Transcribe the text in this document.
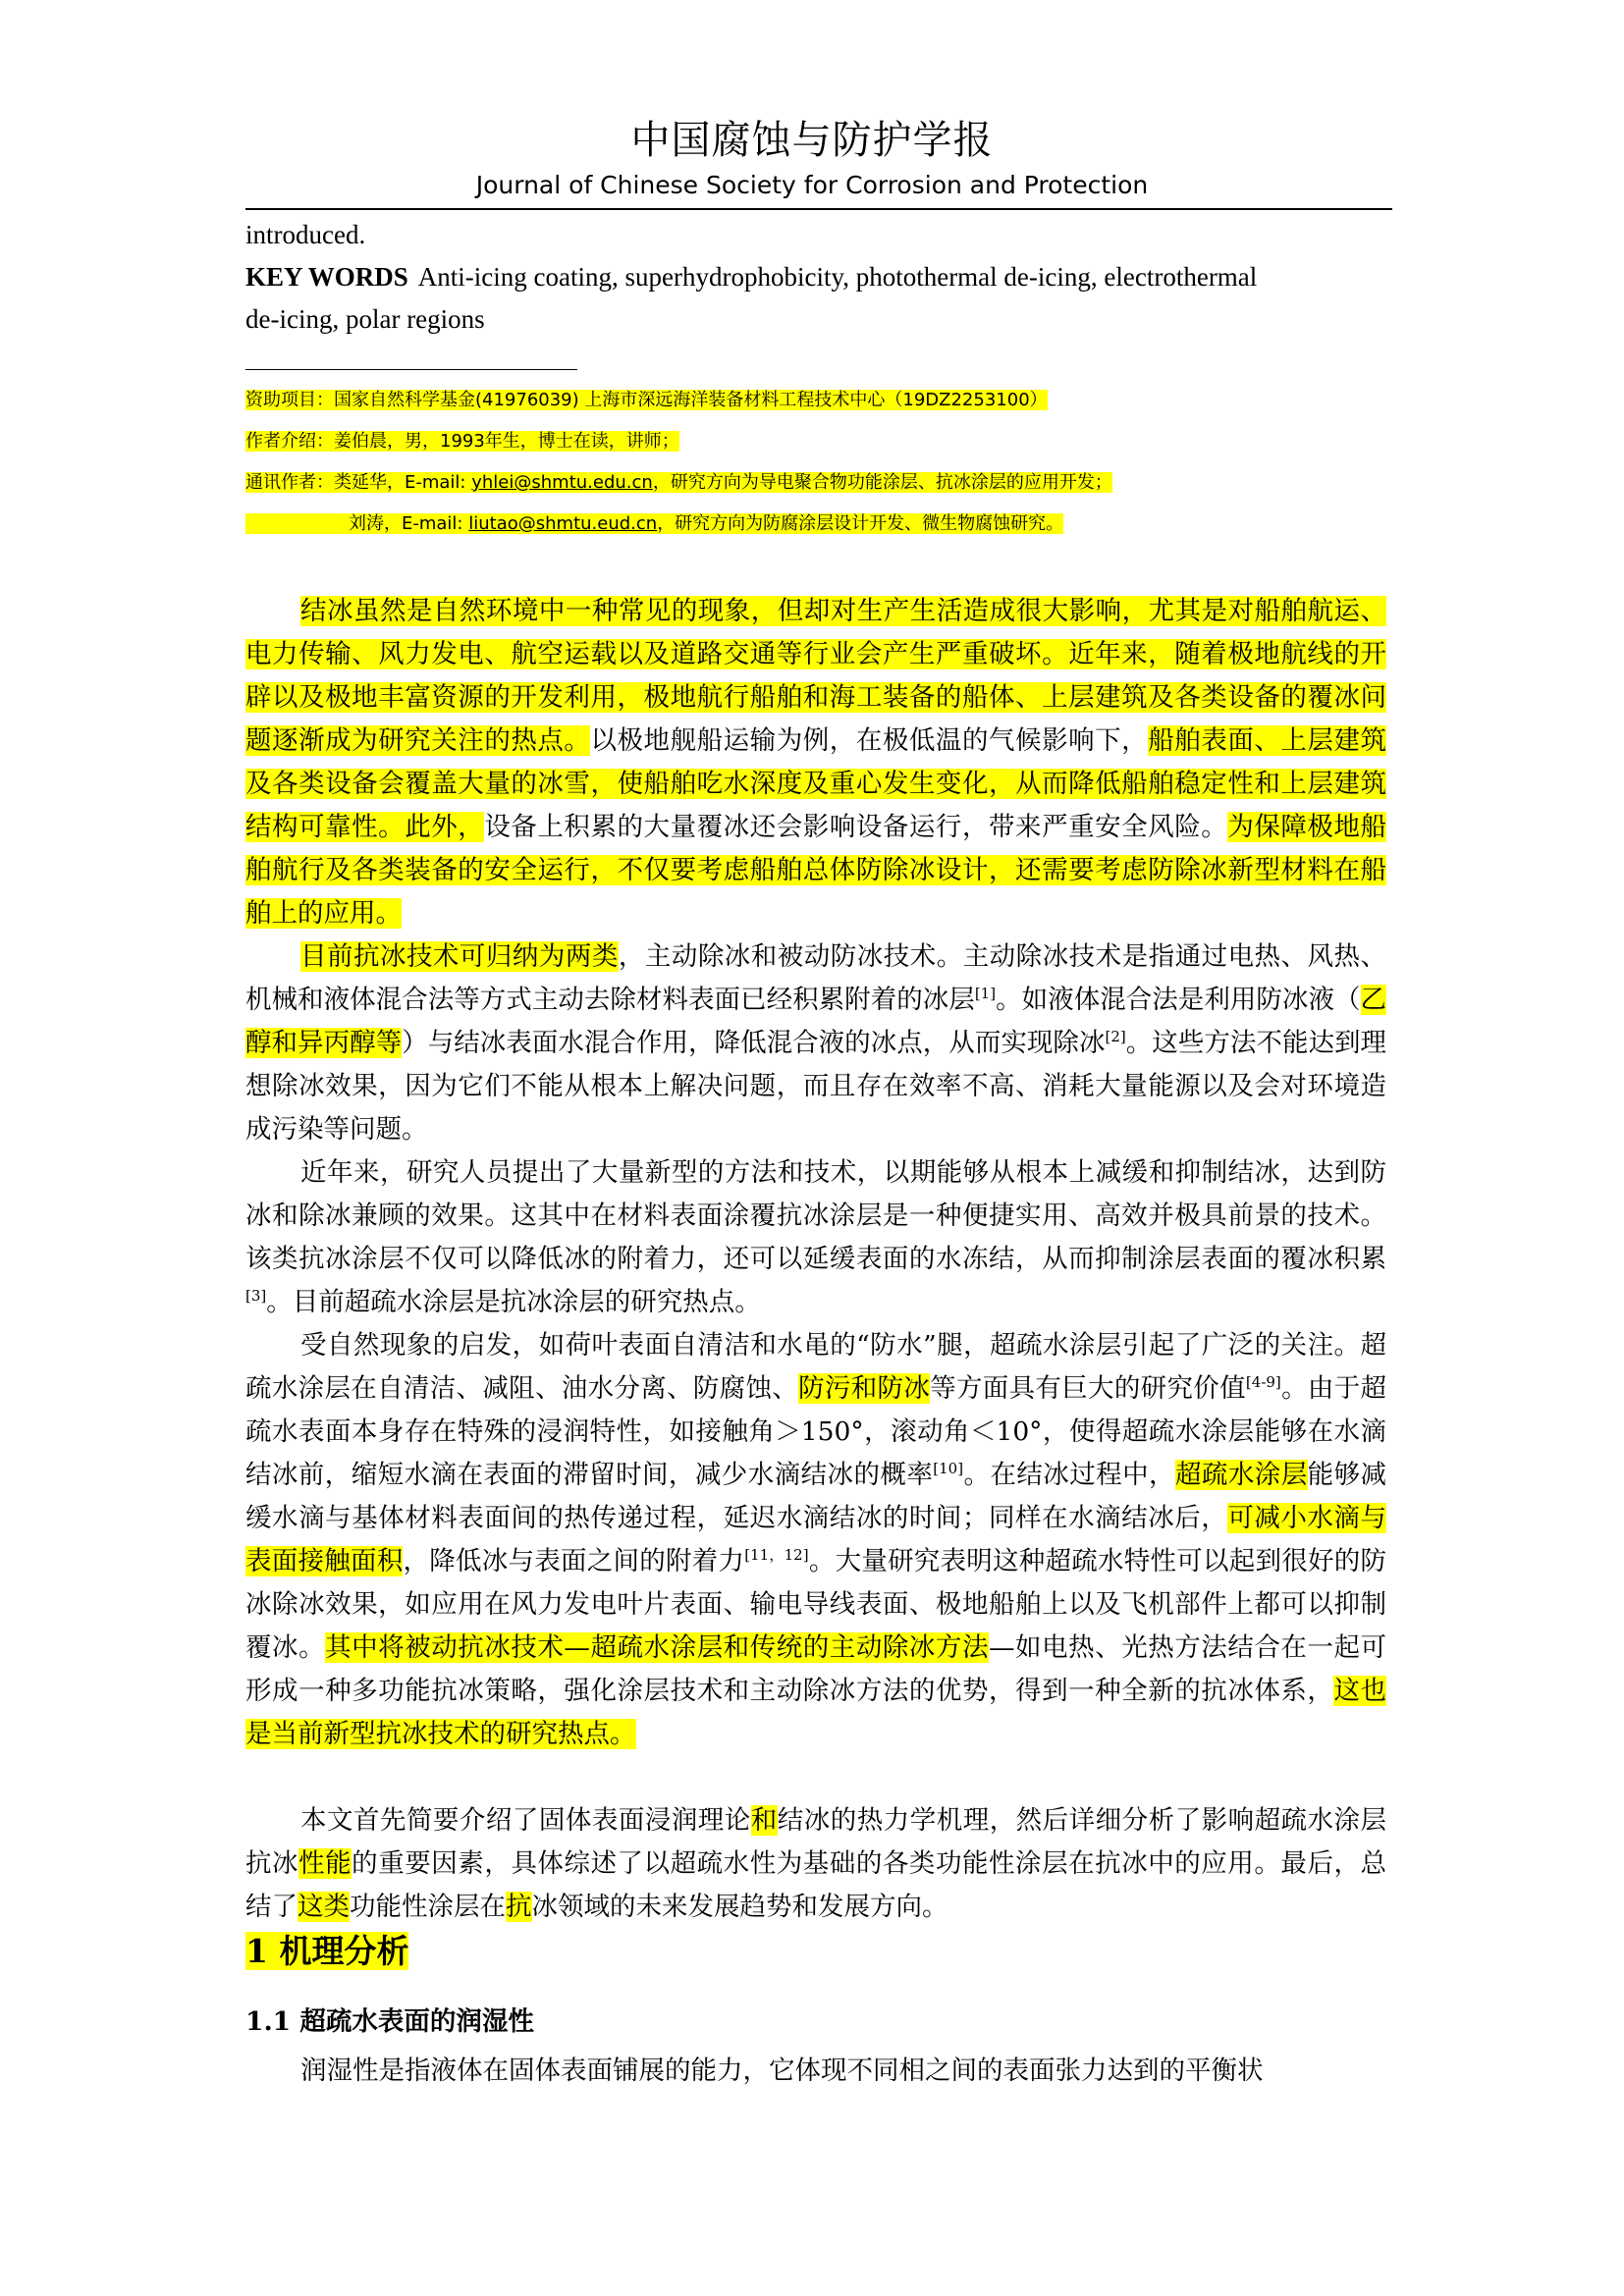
中国腐蚀与防护学报
Journal of Chinese Society for Corrosion and Protection
introduced.
KEY WORDS Anti-icing coating, superhydrophobicity, photothermal de-icing, electrothermal
de-icing, polar regions
资助项目：国家自然科学基金(41976039) 上海市深远海洋装备材料工程技术中心（19DZ2253100）
作者介绍：姜伯晨，男，1993年生，博士在读，讲师；
通讯作者：类延华，E-mail: yhlei@shmtu.edu.cn，研究方向为导电聚合物功能涂层、抗冰涂层的应用开发；
刘涛，E-mail: liutao@shmtu.eud.cn，研究方向为防腐涂层设计开发、微生物腐蚀研究。

结冰虽然是自然环境中一种常见的现象，但却对生产生活造成很大影响，尤其是对船舶航运、电力传输、风力发电、航空运载以及道路交通等行业会产生严重破坏。近年来，随着极地航线的开辟以及极地丰富资源的开发利用，极地航行船舶和海工装备的船体、上层建筑及各类设备的覆冰问题逐渐成为研究关注的热点。以极地舰船运输为例，在极低温的气候影响下，船舶表面、上层建筑及各类设备会覆盖大量的冰雪，使船舶吃水深度及重心发生变化，从而降低船舶稳定性和上层建筑结构可靠性。此外，设备上积累的大量覆冰还会影响设备运行，带来严重安全风险。为保障极地船舶航行及各类装备的安全运行，不仅要考虑船舶总体防除冰设计，还需要考虑防除冰新型材料在船舶上的应用。

目前抗冰技术可归纳为两类，主动除冰和被动防冰技术。主动除冰技术是指通过电热、风热、机械和液体混合法等方式主动去除材料表面已经积累附着的冰层[1]。如液体混合法是利用防冰液（乙醇和异丙醇等）与结冰表面水混合作用，降低混合液的冰点，从而实现除冰[2]。这些方法不能达到理想除冰效果，因为它们不能从根本上解决问题，而且存在效率不高、消耗大量能源以及会对环境造成污染等问题。

近年来，研究人员提出了大量新型的方法和技术，以期能够从根本上减缓和抑制结冰，达到防冰和除冰兼顾的效果。这其中在材料表面涂覆抗冰涂层是一种便捷实用、高效并极具前景的技术。该类抗冰涂层不仅可以降低冰的附着力，还可以延缓表面的水冻结，从而抑制涂层表面的覆冰积累[3]。目前超疏水涂层是抗冰涂层的研究热点。

受自然现象的启发，如荷叶表面自清洁和水黾的“防水”腿，超疏水涂层引起了广泛的关注。超疏水涂层在自清洁、减阻、油水分离、防腐蚀、防污和防冰等方面具有巨大的研究价值[4-9]。由于超疏水表面本身存在特殊的浸润特性，如接触角＞150°，滚动角＜10°，使得超疏水涂层能够在水滴结冰前，缩短水滴在表面的滞留时间，减少水滴结冰的概率[10]。在结冰过程中，超疏水涂层能够减缓水滴与基体材料表面间的热传递过程，延迟水滴结冰的时间；同样在水滴结冰后，可减小水滴与表面接触面积，降低冰与表面之间的附着力[11，12]。大量研究表明这种超疏水特性可以起到很好的防冰除冰效果，如应用在风力发电叶片表面、输电导线表面、极地船舶上以及飞机部件上都可以抑制覆冰。其中将被动抗冰技术—超疏水涂层和传统的主动除冰方法—如电热、光热方法结合在一起可形成一种多功能抗冰策略，强化涂层技术和主动除冰方法的优势，得到一种全新的抗冰体系，这也是当前新型抗冰技术的研究热点。

本文首先简要介绍了固体表面浸润理论和结冰的热力学机理，然后详细分析了影响超疏水涂层抗冰性能的重要因素，具体综述了以超疏水性为基础的各类功能性涂层在抗冰中的应用。最后，总结了这类功能性涂层在抗冰领域的未来发展趋势和发展方向。

1 机理分析
1.1 超疏水表面的润湿性

润湿性是指液体在固体表面铺展的能力，它体现不同相之间的表面张力达到的平衡状
